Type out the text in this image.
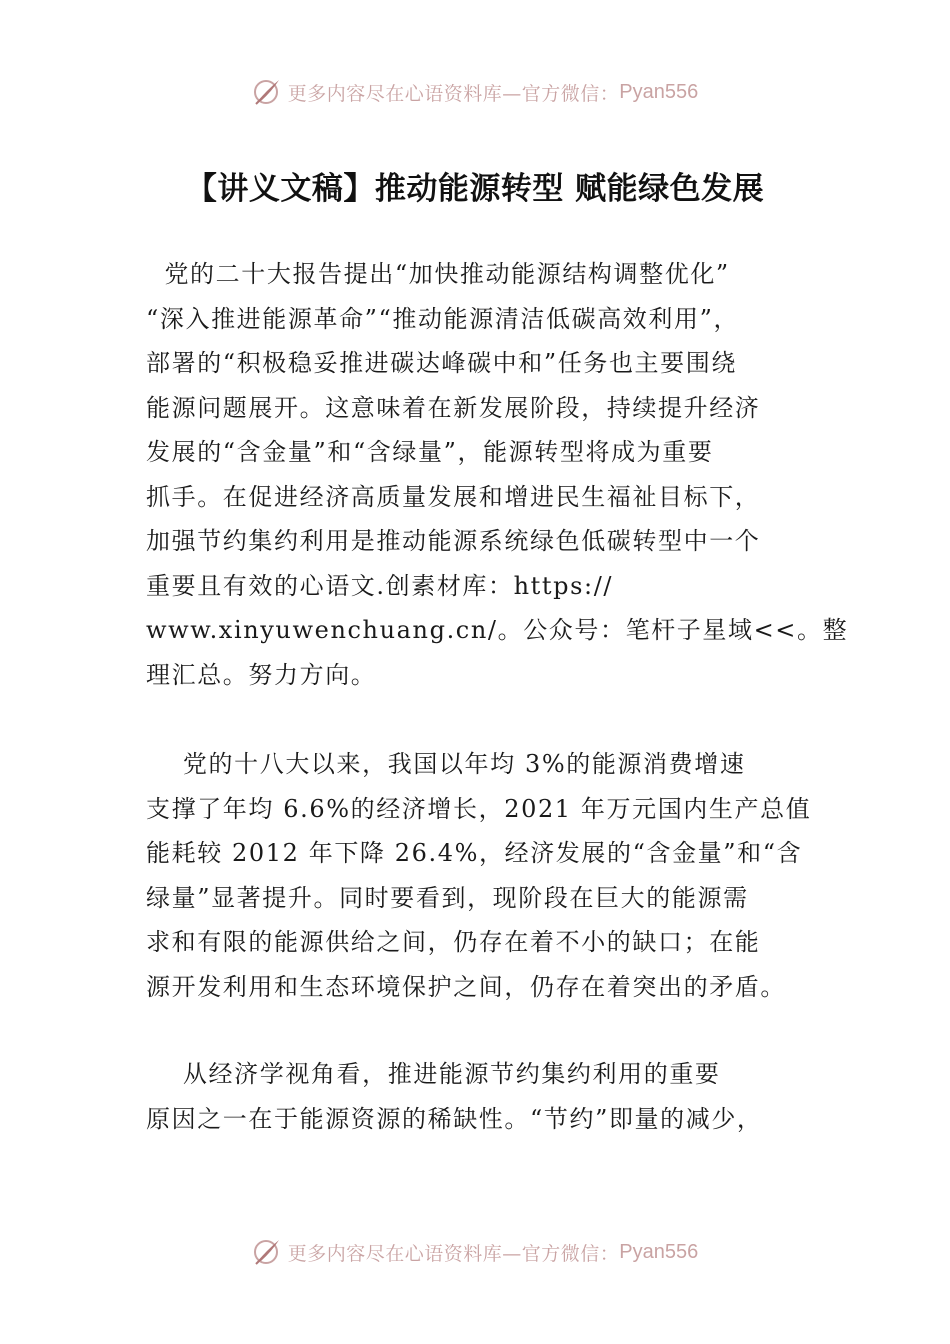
更多内容尽在心语资料库—官方微信： Pyan556
【讲义文稿】推动能源转型 赋能绿色发展
党的二十大报告提出“加快推动能源结构调整优化”
“深入推进能源革命”“推动能源清洁低碳高效利用”，
部署的“积极稳妥推进碳达峰碳中和”任务也主要围绕
能源问题展开。这意味着在新发展阶段，持续提升经济
发展的“含金量”和“含绿量”，能源转型将成为重要
抓手。在促进经济高质量发展和增进民生福祉目标下，
加强节约集约利用是推动能源系统绿色低碳转型中一个
重要且有效的心语文.创素材库：https://
www.xinyuwenchuang.cn/。公众号：笔杆子星域<<。整
理汇总。努力方向。
党的十八大以来，我国以年均 3%的能源消费增速
支撑了年均 6.6%的经济增长，2021 年万元国内生产总值
能耗较 2012 年下降 26.4%，经济发展的“含金量”和“含
绿量”显著提升。同时要看到，现阶段在巨大的能源需
求和有限的能源供给之间，仍存在着不小的缺口；在能
源开发利用和生态环境保护之间，仍存在着突出的矛盾。
从经济学视角看，推进能源节约集约利用的重要
原因之一在于能源资源的稀缺性。“节约”即量的减少，
更多内容尽在心语资料库—官方微信： Pyan556
